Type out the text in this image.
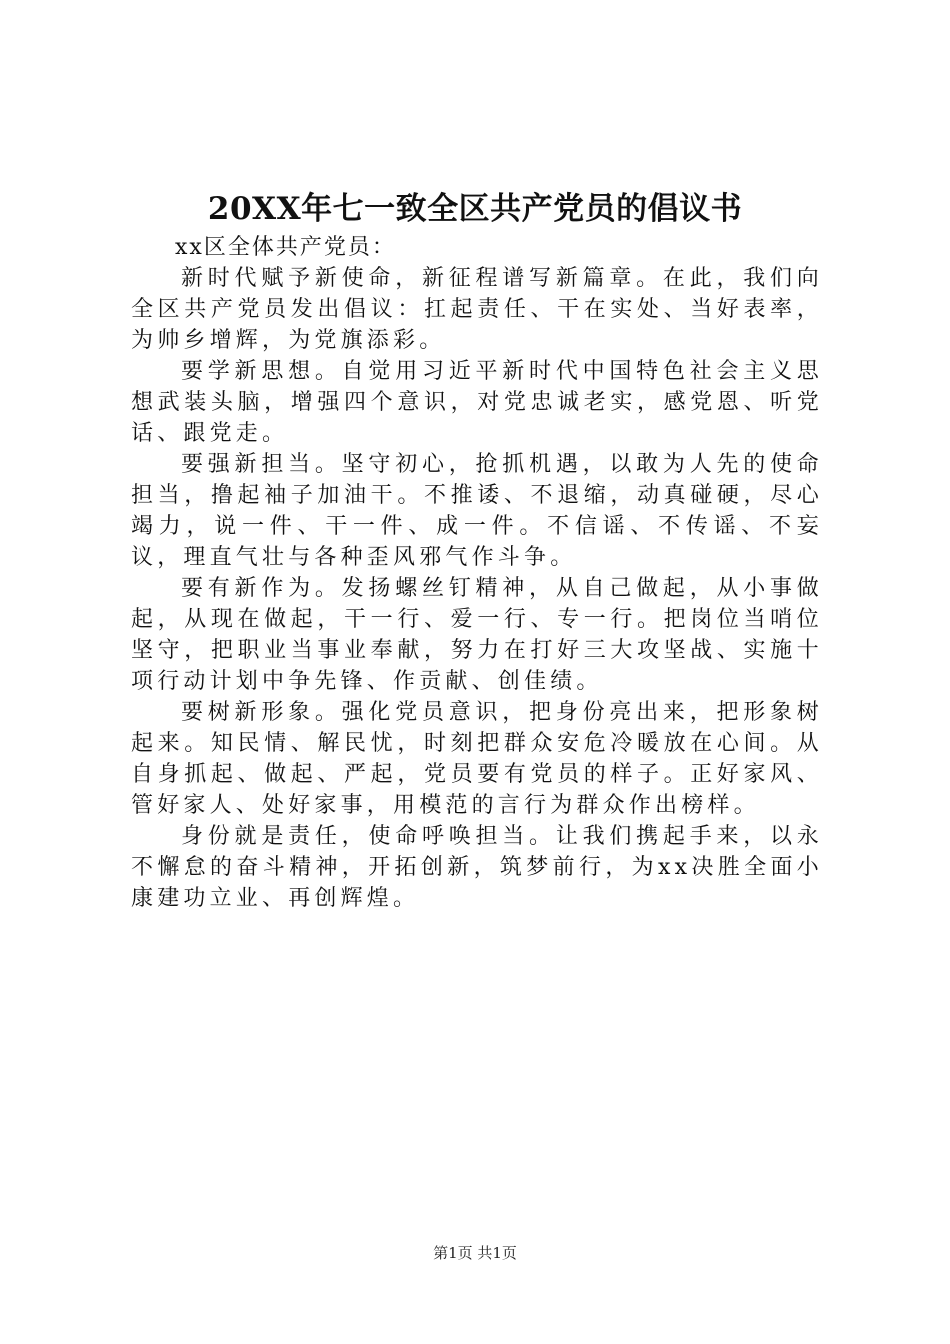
20XX年七一致全区共产党员的倡议书

xx区全体共产党员：

新时代赋予新使命，新征程谱写新篇章。在此，我们向全区共产党员发出倡议：扛起责任、干在实处、当好表率，为帅乡增辉，为党旗添彩。

要学新思想。自觉用习近平新时代中国特色社会主义思想武装头脑，增强四个意识，对党忠诚老实，感党恩、听党话、跟党走。

要强新担当。坚守初心，抢抓机遇，以敢为人先的使命担当，撸起袖子加油干。不推诿、不退缩，动真碰硬，尽心竭力，说一件、干一件、成一件。不信谣、不传谣、不妄议，理直气壮与各种歪风邪气作斗争。

要有新作为。发扬螺丝钉精神，从自己做起，从小事做起，从现在做起，干一行、爱一行、专一行。把岗位当哨位坚守，把职业当事业奉献，努力在打好三大攻坚战、实施十项行动计划中争先锋、作贡献、创佳绩。

要树新形象。强化党员意识，把身份亮出来，把形象树起来。知民情、解民忧，时刻把群众安危冷暖放在心间。从自身抓起、做起、严起，党员要有党员的样子。正好家风、管好家人、处好家事，用模范的言行为群众作出榜样。

身份就是责任，使命呼唤担当。让我们携起手来，以永不懈怠的奋斗精神，开拓创新，筑梦前行，为xx决胜全面小康建功立业、再创辉煌。

第1页 共1页
